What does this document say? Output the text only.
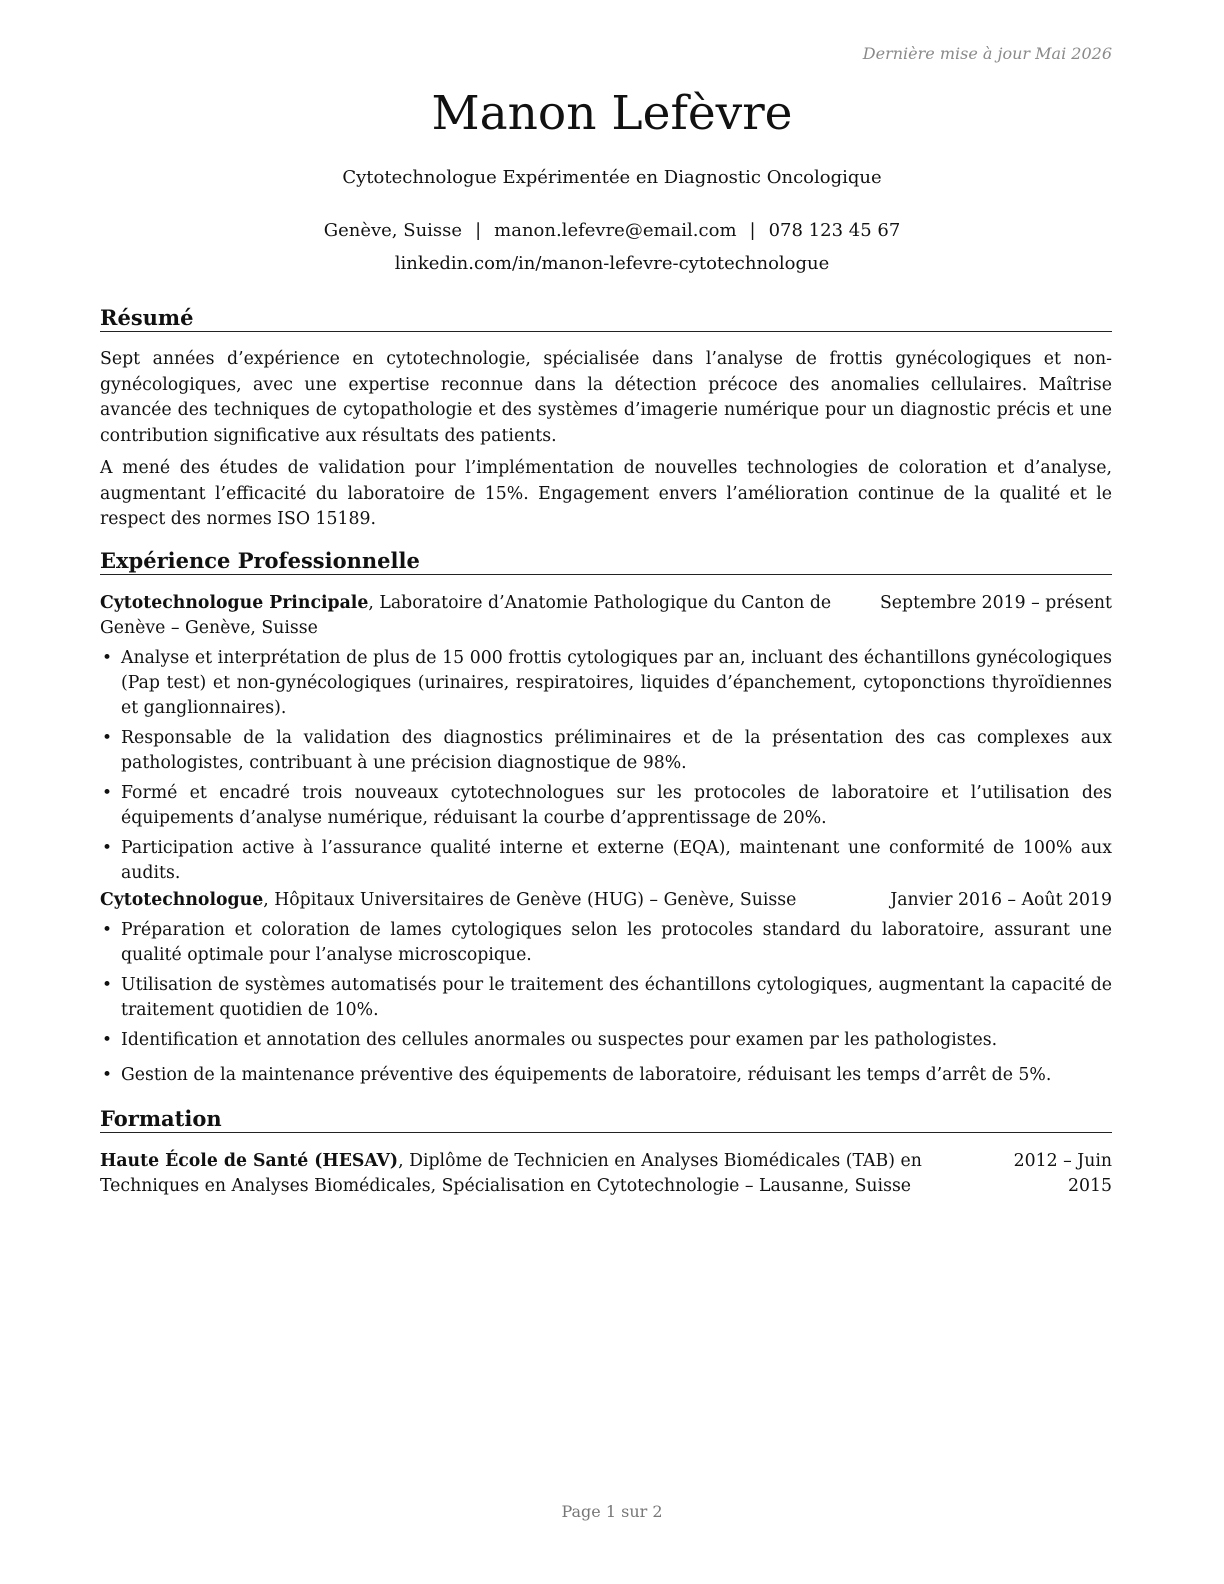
Dernière mise à jour Mai 2026
Manon Lefèvre
Cytotechnologue Expérimentée en Diagnostic Oncologique
Genève, Suisse | manon.lefevre@email.com | 078 123 45 67
linkedin.com/in/manon-lefevre-cytotechnologue
Résumé

Sept années d’expérience en cytotechnologie, spécialisée dans l’analyse de frottis gynécologiques et non-gynécologiques, avec une expertise reconnue dans la détection précoce des anomalies cellulaires. Maîtrise avancée des techniques de cytopathologie et des systèmes d’imagerie numérique pour un diagnostic précis et une contribution significative aux résultats des patients.

A mené des études de validation pour l’implémentation de nouvelles technologies de coloration et d’analyse, augmentant l’efficacité du laboratoire de 15%. Engagement envers l’amélioration continue de la qualité et le respect des normes ISO 15189.

Expérience Professionnelle
Septembre 2019 – présent
Cytotechnologue Principale, Laboratoire d’Anatomie Pathologique du Canton de Genève – Genève, Suisse
• Analyse et interprétation de plus de 15 000 frottis cytologiques par an, incluant des échantillons gynécologiques (Pap test) et non-gynécologiques (urinaires, respiratoires, liquides d’épanchement, cytoponctions thyroïdiennes et ganglionnaires).
• Responsable de la validation des diagnostics préliminaires et de la présentation des cas complexes aux pathologistes, contribuant à une précision diagnostique de 98%.
• Formé et encadré trois nouveaux cytotechnologues sur les protocoles de laboratoire et l’utilisation des équipements d’analyse numérique, réduisant la courbe d’apprentissage de 20%.
• Participation active à l’assurance qualité interne et externe (EQA), maintenant une conformité de 100% aux audits.
Janvier 2016 – Août 2019
Cytotechnologue, Hôpitaux Universitaires de Genève (HUG) – Genève, Suisse
• Préparation et coloration de lames cytologiques selon les protocoles standard du laboratoire, assurant une qualité optimale pour l’analyse microscopique.
• Utilisation de systèmes automatisés pour le traitement des échantillons cytologiques, augmentant la capacité de traitement quotidien de 10%.
• Identification et annotation des cellules anormales ou suspectes pour examen par les pathologistes.
• Gestion de la maintenance préventive des équipements de laboratoire, réduisant les temps d’arrêt de 5%.
Formation
2012 – Juin 2015
Haute École de Santé (HESAV), Diplôme de Technicien en Analyses Biomédicales (TAB) en Techniques en Analyses Biomédicales, Spécialisation en Cytotechnologie – Lausanne, Suisse
Page 1 sur 2
